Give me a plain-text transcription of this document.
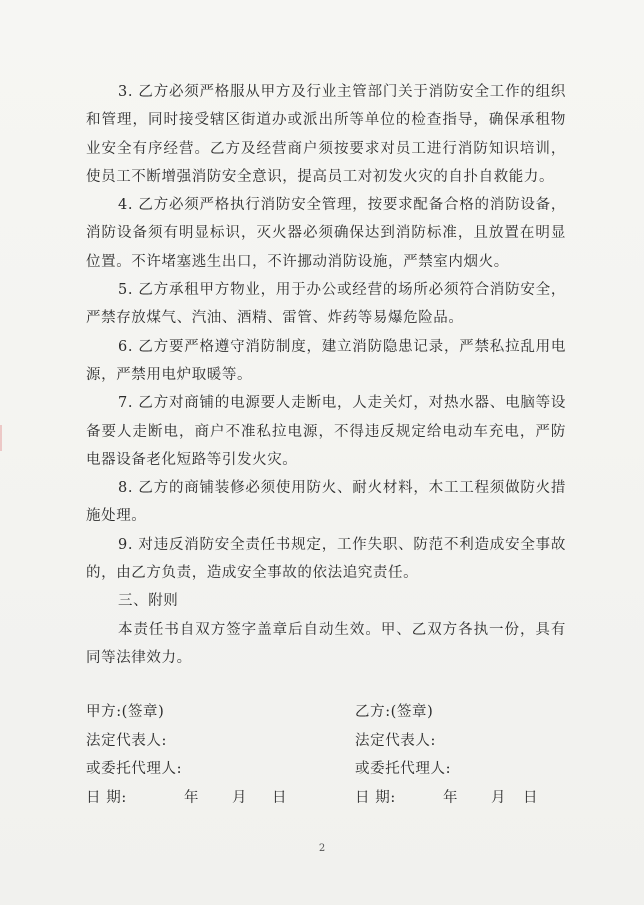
3. 乙方必须严格服从甲方及行业主管部门关于消防安全工作的组织和管理，同时接受辖区街道办或派出所等单位的检查指导，确保承租物业安全有序经营。乙方及经营商户须按要求对员工进行消防知识培训，使员工不断增强消防安全意识，提高员工对初发火灾的自扑自救能力。

4. 乙方必须严格执行消防安全管理，按要求配备合格的消防设备，消防设备须有明显标识，灭火器必须确保达到消防标准，且放置在明显位置。不许堵塞逃生出口，不许挪动消防设施，严禁室内烟火。

5. 乙方承租甲方物业，用于办公或经营的场所必须符合消防安全，严禁存放煤气、汽油、酒精、雷管、炸药等易爆危险品。

6. 乙方要严格遵守消防制度，建立消防隐患记录，严禁私拉乱用电源，严禁用电炉取暖等。

7. 乙方对商铺的电源要人走断电，人走关灯，对热水器、电脑等设备要人走断电，商户不准私拉电源，不得违反规定给电动车充电，严防电器设备老化短路等引发火灾。

8. 乙方的商铺装修必须使用防火、耐火材料，木工工程须做防火措施处理。

9. 对违反消防安全责任书规定，工作失职、防范不利造成安全事故的，由乙方负责，造成安全事故的依法追究责任。

三、附则

本责任书自双方签字盖章后自动生效。甲、乙双方各执一份，具有同等法律效力。

甲方:(签章)
法定代表人:
或委托代理人:
日 期:	年 月 日
乙方:(签章)
法定代表人:
或委托代理人:
日 期:	年 月 日
2
